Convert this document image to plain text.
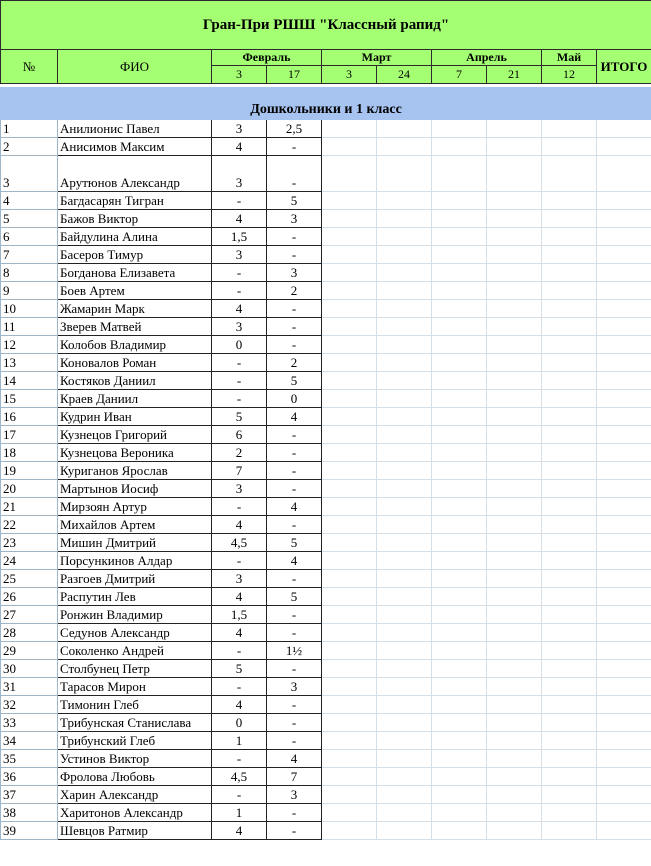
Гран-При РШШ "Классный рапид"									
№	ФИО	Февраль		Март		Апрель		Май	ИТОГО
		3	17	3	24	7	21	12	

Дошкольники и 1 класс									
1	Анилионис Павел	3	2,5						
2	Анисимов Максим	4	-						
3	Арутюнов Александр	3	-						
4	Багдасарян Тигран	-	5						
5	Бажов Виктор	4	3						
6	Байдулина Алина	1,5	-						
7	Басеров Тимур	3	-						
8	Богданова Елизавета	-	3						
9	Боев Артем	-	2						
10	Жамарин Марк	4	-						
11	Зверев Матвей	3	-						
12	Колобов Владимир	0	-						
13	Коновалов Роман	-	2						
14	Костяков Даниил	-	5						
15	Краев Даниил	-	0						
16	Кудрин Иван	5	4						
17	Кузнецов Григорий	6	-						
18	Кузнецова Вероника	2	-						
19	Куриганов Ярослав	7	-						
20	Мартынов Иосиф	3	-						
21	Мирзоян Артур	-	4						
22	Михайлов Артем	4	-						
23	Мишин Дмитрий	4,5	5						
24	Порсункинов Алдар	-	4						
25	Разгоев Дмитрий	3	-						
26	Распутин Лев	4	5						
27	Ронжин Владимир	1,5	-						
28	Седунов Александр	4	-						
29	Соколенко Андрей	-	1½						
30	Столбунец Петр	5	-						
31	Тарасов Мирон	-	3						
32	Тимонин Глеб	4	-						
33	Трибунская Станислава	0	-						
34	Трибунский Глеб	1	-						
35	Устинов Виктор	-	4						
36	Фролова Любовь	4,5	7						
37	Харин Александр	-	3						
38	Харитонов Александр	1	-						
39	Шевцов Ратмир	4	-						
